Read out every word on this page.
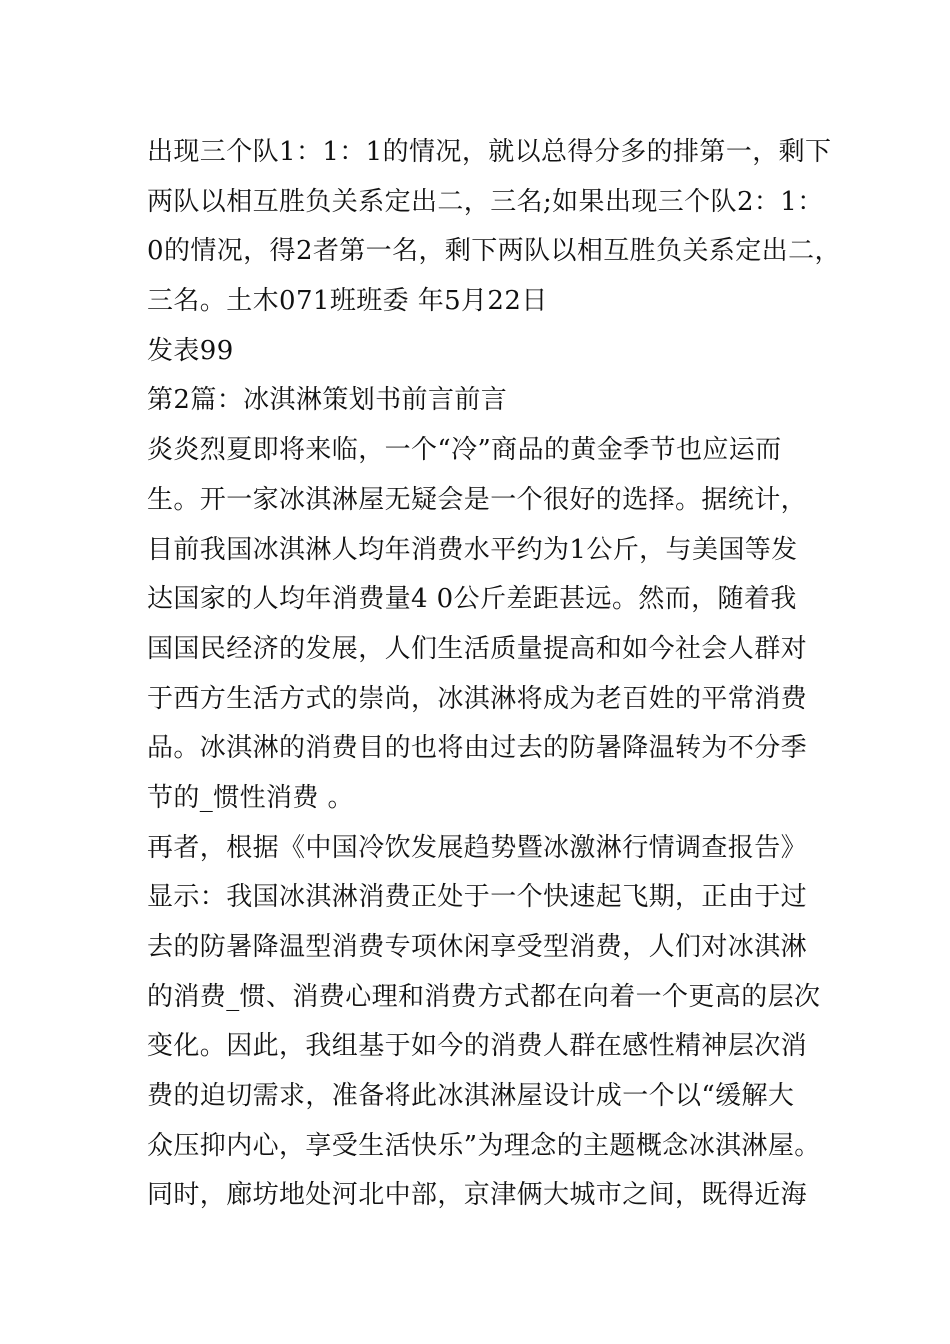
出现三个队1：1：1的情况，就以总得分多的排第一，剩下
两队以相互胜负关系定出二，三名;如果出现三个队2：1：
0的情况，得2者第一名，剩下两队以相互胜负关系定出二，
三名。土木071班班委 年5月22日
发表99
第2篇：冰淇淋策划书前言前言
炎炎烈夏即将来临，一个“冷”商品的黄金季节也应运而
生。开一家冰淇淋屋无疑会是一个很好的选择。据统计，
目前我国冰淇淋人均年消费水平约为1公斤，与美国等发
达国家的人均年消费量4 0公斤差距甚远。然而，随着我
国国民经济的发展，人们生活质量提高和如今社会人群对
于西方生活方式的崇尚，冰淇淋将成为老百姓的平常消费
品。冰淇淋的消费目的也将由过去的防暑降温转为不分季
节的_惯性消费 。
再者，根据《中国冷饮发展趋势暨冰激淋行情调查报告》
显示：我国冰淇淋消费正处于一个快速起飞期，正由于过
去的防暑降温型消费专项休闲享受型消费，人们对冰淇淋
的消费_惯、消费心理和消费方式都在向着一个更高的层次
变化。因此，我组基于如今的消费人群在感性精神层次消
费的迫切需求，准备将此冰淇淋屋设计成一个以“缓解大
众压抑内心，享受生活快乐”为理念的主题概念冰淇淋屋。
同时，廊坊地处河北中部，京津俩大城市之间，既得近海
